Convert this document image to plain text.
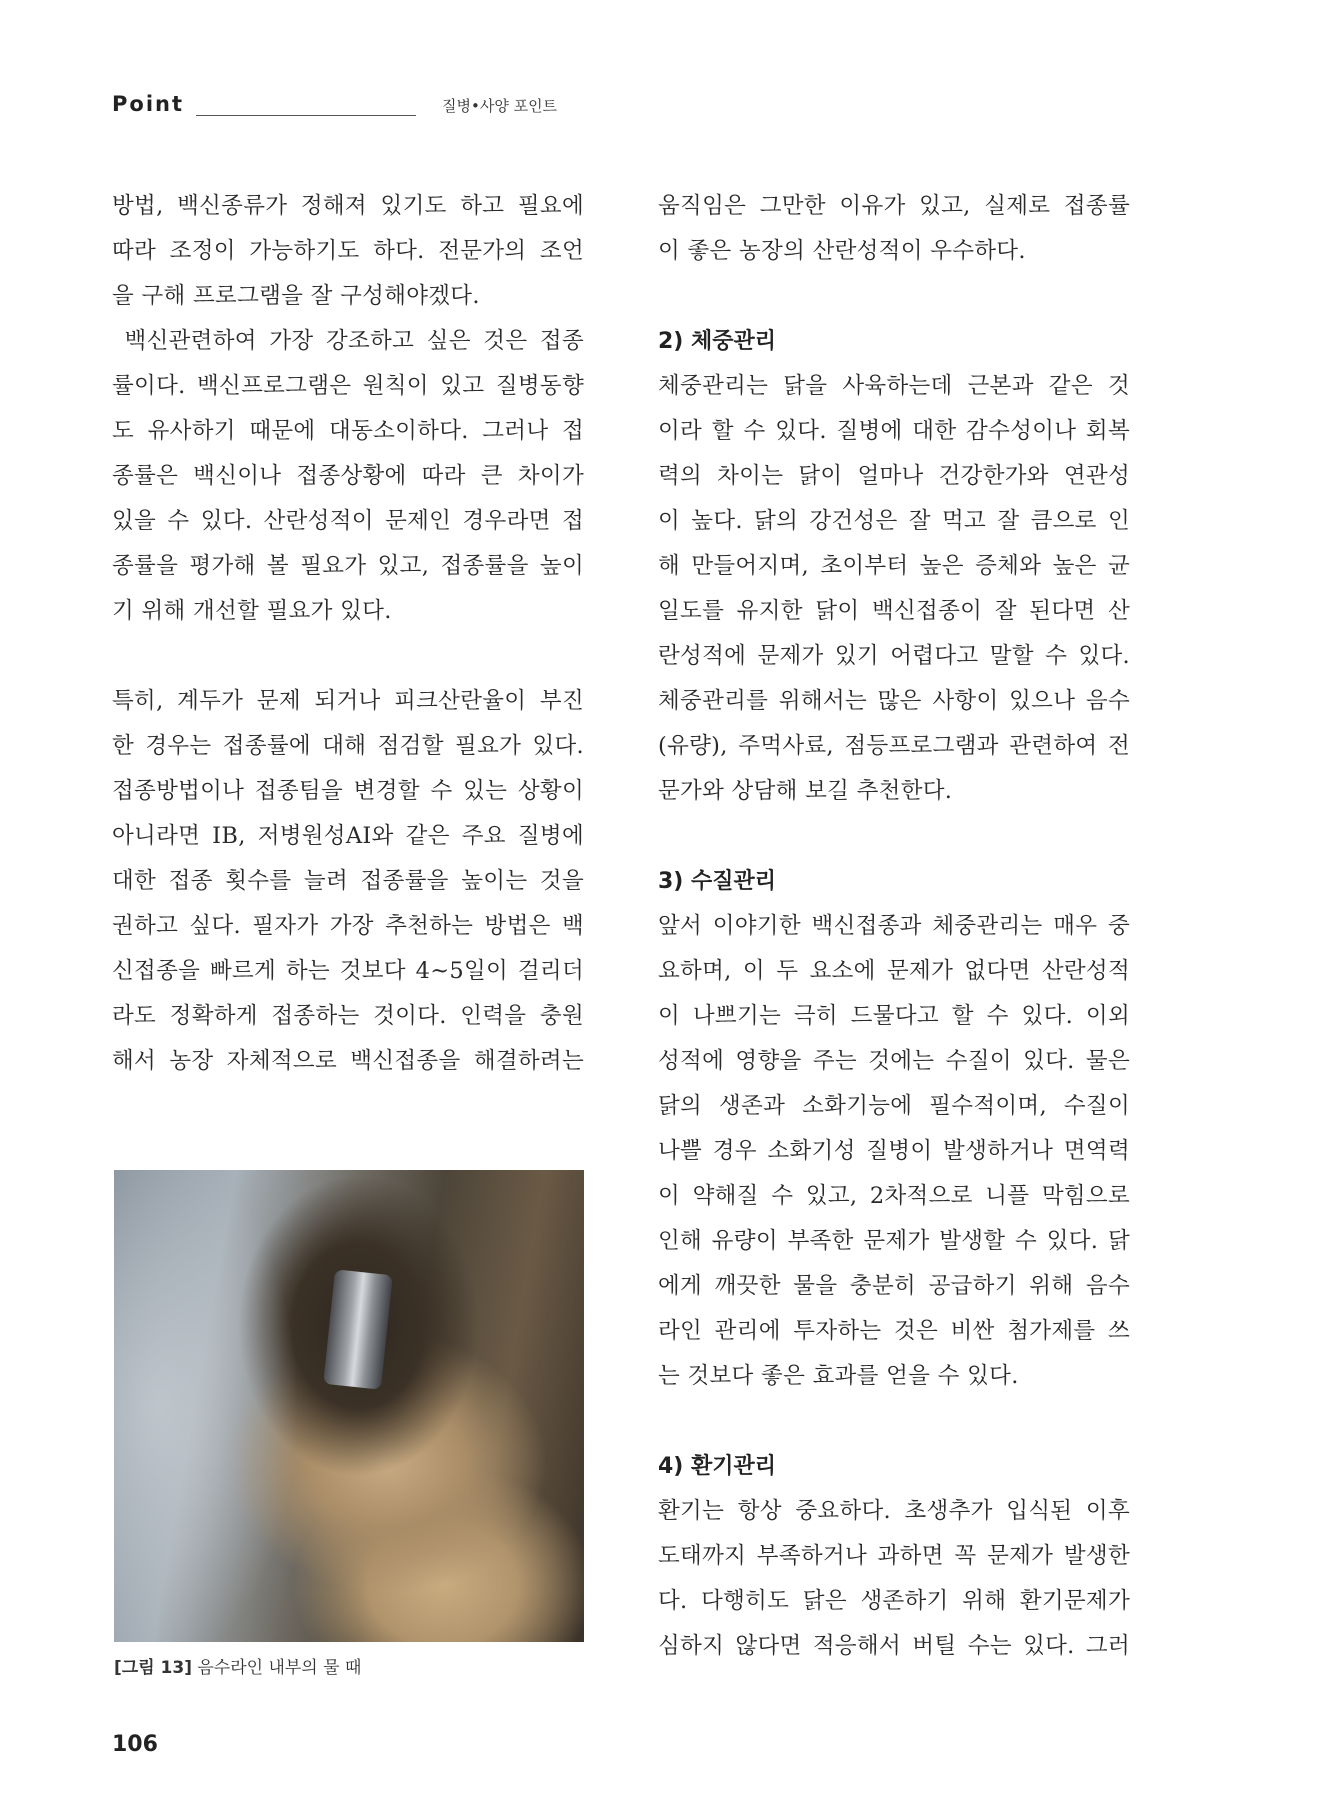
Point	질병•사양 포인트

방법, 백신종류가 정해져 있기도 하고 필요에

따라 조정이 가능하기도 하다. 전문가의 조언

을 구해 프로그램을 잘 구성해야겠다.

백신관련하여 가장 강조하고 싶은 것은 접종

률이다. 백신프로그램은 원칙이 있고 질병동향

도 유사하기 때문에 대동소이하다. 그러나 접

종률은 백신이나 접종상황에 따라 큰 차이가

있을 수 있다. 산란성적이 문제인 경우라면 접

종률을 평가해 볼 필요가 있고, 접종률을 높이

기 위해 개선할 필요가 있다.

특히, 계두가 문제 되거나 피크산란율이 부진

한 경우는 접종률에 대해 점검할 필요가 있다.

접종방법이나 접종팀을 변경할 수 있는 상황이

아니라면 IB, 저병원성AI와 같은 주요 질병에

대한 접종 횟수를 늘려 접종률을 높이는 것을

권하고 싶다. 필자가 가장 추천하는 방법은 백

신접종을 빠르게 하는 것보다 4~5일이 걸리더

라도 정확하게 접종하는 것이다. 인력을 충원

해서 농장 자체적으로 백신접종을 해결하려는

[그림 13] 음수라인 내부의 물 때

움직임은 그만한 이유가 있고, 실제로 접종률

이 좋은 농장의 산란성적이 우수하다.

2) 체중관리

체중관리는 닭을 사육하는데 근본과 같은 것

이라 할 수 있다. 질병에 대한 감수성이나 회복

력의 차이는 닭이 얼마나 건강한가와 연관성

이 높다. 닭의 강건성은 잘 먹고 잘 큼으로 인

해 만들어지며, 초이부터 높은 증체와 높은 균

일도를 유지한 닭이 백신접종이 잘 된다면 산

란성적에 문제가 있기 어렵다고 말할 수 있다.

체중관리를 위해서는 많은 사항이 있으나 음수

(유량), 주먹사료, 점등프로그램과 관련하여 전

문가와 상담해 보길 추천한다.

3) 수질관리

앞서 이야기한 백신접종과 체중관리는 매우 중

요하며, 이 두 요소에 문제가 없다면 산란성적

이 나쁘기는 극히 드물다고 할 수 있다. 이외

성적에 영향을 주는 것에는 수질이 있다. 물은

닭의 생존과 소화기능에 필수적이며, 수질이

나쁠 경우 소화기성 질병이 발생하거나 면역력

이 약해질 수 있고, 2차적으로 니플 막힘으로

인해 유량이 부족한 문제가 발생할 수 있다. 닭

에게 깨끗한 물을 충분히 공급하기 위해 음수

라인 관리에 투자하는 것은 비싼 첨가제를 쓰

는 것보다 좋은 효과를 얻을 수 있다.

4) 환기관리

환기는 항상 중요하다. 초생추가 입식된 이후

도태까지 부족하거나 과하면 꼭 문제가 발생한

다. 다행히도 닭은 생존하기 위해 환기문제가

심하지 않다면 적응해서 버틸 수는 있다. 그러

106
